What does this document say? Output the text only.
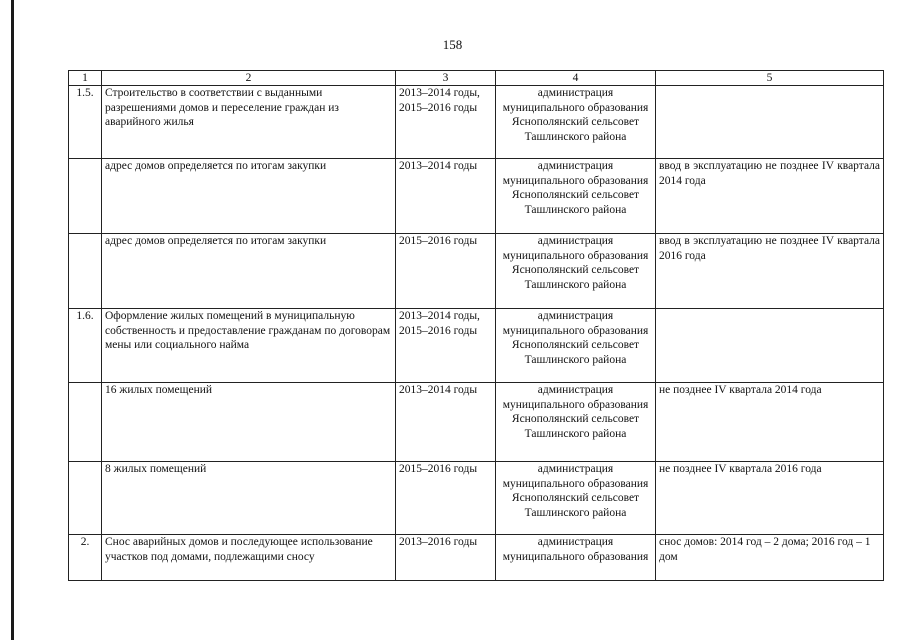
158
1	2	3	4	5
1.5.	Строительство в соответствии с выданными разрешениями домов и переселение граждан из аварийного жилья	2013–2014 годы, 2015–2016 годы	администрация муниципального образования Яснополянский сельсовет Ташлинского района	
	адрес домов определяется по итогам закупки	2013–2014 годы	администрация муниципального образования Яснополянский сельсовет Ташлинского района	ввод в эксплуатацию не позднее IV квартала 2014 года
	адрес домов определяется по итогам закупки	2015–2016 годы	администрация муниципального образования Яснополянский сельсовет Ташлинского района	ввод в эксплуатацию не позднее IV квартала 2016 года
1.6.	Оформление жилых помещений в муниципальную собственность и предоставление гражданам по договорам мены или социального найма	2013–2014 годы, 2015–2016 годы	администрация муниципального образования Яснополянский сельсовет Ташлинского района	
	16 жилых помещений	2013–2014 годы	администрация муниципального образования Яснополянский сельсовет Ташлинского района	не позднее IV квартала 2014 года
	8 жилых помещений	2015–2016 годы	администрация муниципального образования Яснополянский сельсовет Ташлинского района	не позднее IV квартала 2016 года
2.	Снос аварийных домов и последующее использование участков под домами, подлежащими сносу	2013–2016 годы	администрация муниципального образования	снос домов: 2014 год – 2 дома; 2016 год – 1 дом
